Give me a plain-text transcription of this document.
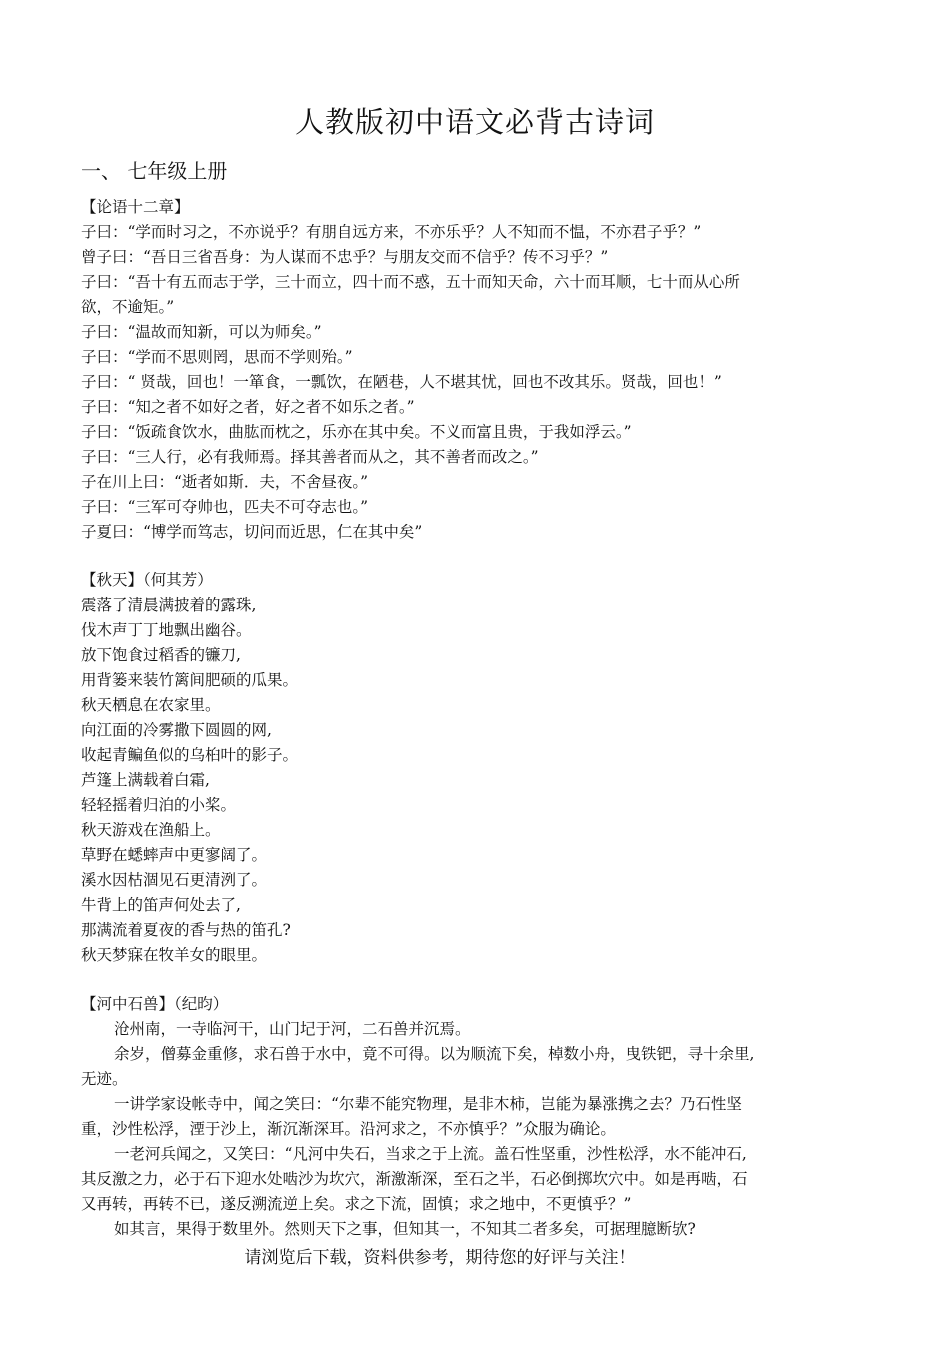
人教版初中语文必背古诗词
一、 七年级上册
【论语十二章】
子曰：“学而时习之，不亦说乎？有朋自远方来，不亦乐乎？人不知而不愠，不亦君子乎？”
曾子曰：“吾日三省吾身：为人谋而不忠乎？与朋友交而不信乎？传不习乎？”
子曰：“吾十有五而志于学，三十而立，四十而不惑，五十而知天命，六十而耳顺，七十而从心所
欲，不逾矩。”
子曰：“温故而知新，可以为师矣。”
子曰：“学而不思则罔，思而不学则殆。”
子曰：“ 贤哉，回也！一箪食，一瓢饮，在陋巷，人不堪其忧，回也不改其乐。贤哉，回也！”
子曰：“知之者不如好之者，好之者不如乐之者。”
子曰：“饭疏食饮水，曲肱而枕之，乐亦在其中矣。不义而富且贵，于我如浮云。”
子曰：“三人行，必有我师焉。择其善者而从之，其不善者而改之。”
子在川上曰：“逝者如斯．夫，不舍昼夜。”
子曰：“三军可夺帅也，匹夫不可夺志也。”
子夏曰：“博学而笃志，切问而近思，仁在其中矣”
【秋天】（何其芳）
震落了清晨满披着的露珠,
伐木声丁丁地飘出幽谷。
放下饱食过稻香的镰刀,
用背篓来装竹篱间肥硕的瓜果。
秋天栖息在农家里。
向江面的冷雾撒下圆圆的网,
收起青鳊鱼似的乌桕叶的影子。
芦篷上满载着白霜,
轻轻摇着归泊的小桨。
秋天游戏在渔船上。
草野在蟋蟀声中更寥阔了。
溪水因枯涸见石更清洌了。
牛背上的笛声何处去了,
那满流着夏夜的香与热的笛孔?
秋天梦寐在牧羊女的眼里。
【河中石兽】（纪昀）
沧州南，一寺临河干，山门圮于河，二石兽并沉焉。
余岁，僧募金重修，求石兽于水中，竟不可得。以为顺流下矣，棹数小舟，曳铁钯，寻十余里,
无迹。
一讲学家设帐寺中，闻之笑曰：“尔辈不能究物理，是非木柿，岂能为暴涨携之去？乃石性坚
重，沙性松浮，湮于沙上，渐沉渐深耳。沿河求之，不亦慎乎？”众服为确论。
一老河兵闻之，又笑曰：“凡河中失石，当求之于上流。盖石性坚重，沙性松浮，水不能冲石,
其反激之力，必于石下迎水处啮沙为坎穴，渐激渐深，至石之半，石必倒掷坎穴中。如是再啮，石
又再转，再转不已，遂反溯流逆上矣。求之下流，固慎；求之地中，不更慎乎？”
如其言，果得于数里外。然则天下之事，但知其一，不知其二者多矣，可据理臆断欤?
请浏览后下载，资料供参考，期待您的好评与关注！
